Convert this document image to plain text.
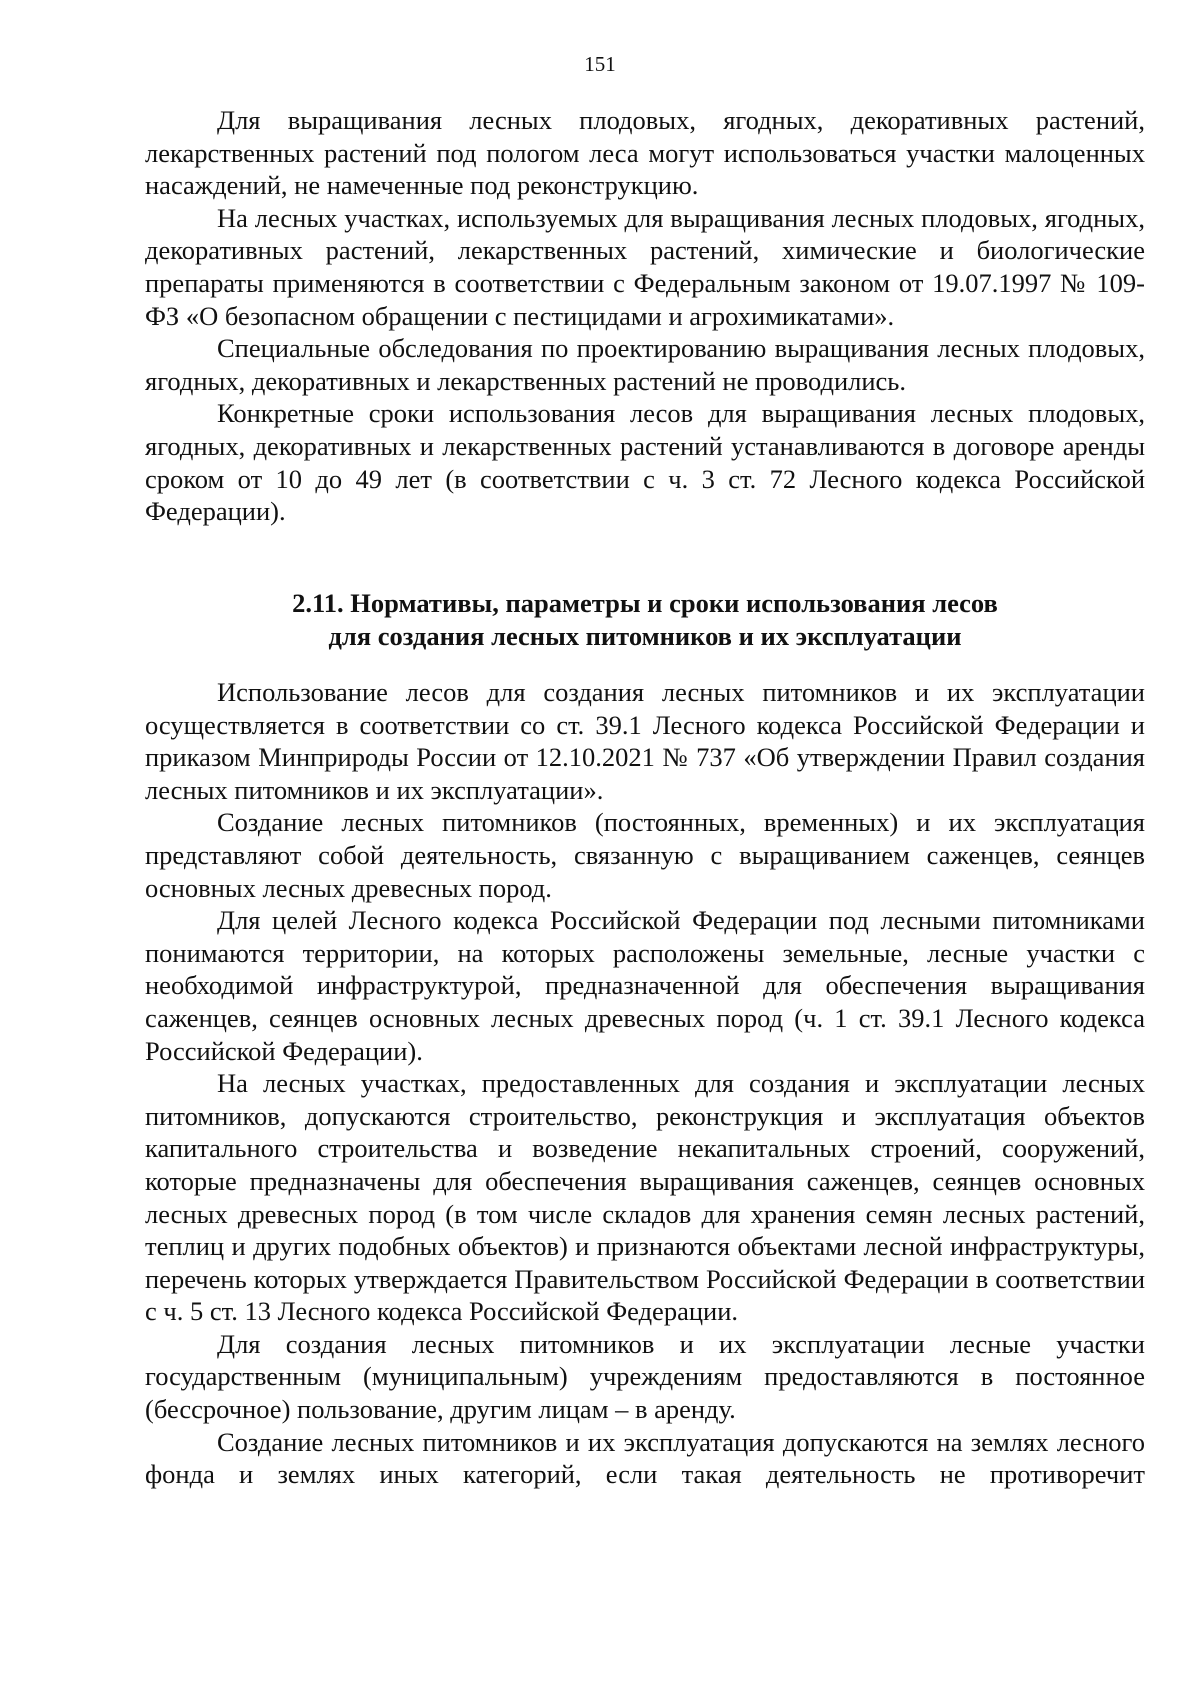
151

Для выращивания лесных плодовых, ягодных, декоративных растений, лекарственных растений под пологом леса могут использоваться участки малоценных насаждений, не намеченные под реконструкцию.

На лесных участках, используемых для выращивания лесных плодовых, ягодных, декоративных растений, лекарственных растений, химические и биологические препараты применяются в соответствии с Федеральным законом от 19.07.1997 № 109-ФЗ «О безопасном обращении с пестицидами и агрохимикатами».

Специальные обследования по проектированию выращивания лесных плодовых, ягодных, декоративных и лекарственных растений не проводились.

Конкретные сроки использования лесов для выращивания лесных плодовых, ягодных, декоративных и лекарственных растений устанавливаются в договоре аренды сроком от 10 до 49 лет (в соответствии с ч. 3 ст. 72 Лесного кодекса Российской Федерации).

2.11. Нормативы, параметры и сроки использования лесов
для создания лесных питомников и их эксплуатации

Использование лесов для создания лесных питомников и их эксплуатации осуществляется в соответствии со ст. 39.1 Лесного кодекса Российской Федерации и приказом Минприроды России от 12.10.2021 № 737 «Об утверждении Правил создания лесных питомников и их эксплуатации».

Создание лесных питомников (постоянных, временных) и их эксплуатация представляют собой деятельность, связанную с выращиванием саженцев, сеянцев основных лесных древесных пород.

Для целей Лесного кодекса Российской Федерации под лесными питомниками понимаются территории, на которых расположены земельные, лесные участки с необходимой инфраструктурой, предназначенной для обеспечения выращивания саженцев, сеянцев основных лесных древесных пород (ч. 1 ст. 39.1 Лесного кодекса Российской Федерации).

На лесных участках, предоставленных для создания и эксплуатации лесных питомников, допускаются строительство, реконструкция и эксплуатация объектов капитального строительства и возведение некапитальных строений, сооружений, которые предназначены для обеспечения выращивания саженцев, сеянцев основных лесных древесных пород (в том числе складов для хранения семян лесных растений, теплиц и других подобных объектов) и признаются объектами лесной инфраструктуры, перечень которых утверждается Правительством Российской Федерации в соответствии с ч. 5 ст. 13 Лесного кодекса Российской Федерации.

Для создания лесных питомников и их эксплуатации лесные участки государственным (муниципальным) учреждениям предоставляются в постоянное (бессрочное) пользование, другим лицам – в аренду.

Создание лесных питомников и их эксплуатация допускаются на землях лесного фонда и землях иных категорий, если такая деятельность не противоречит
